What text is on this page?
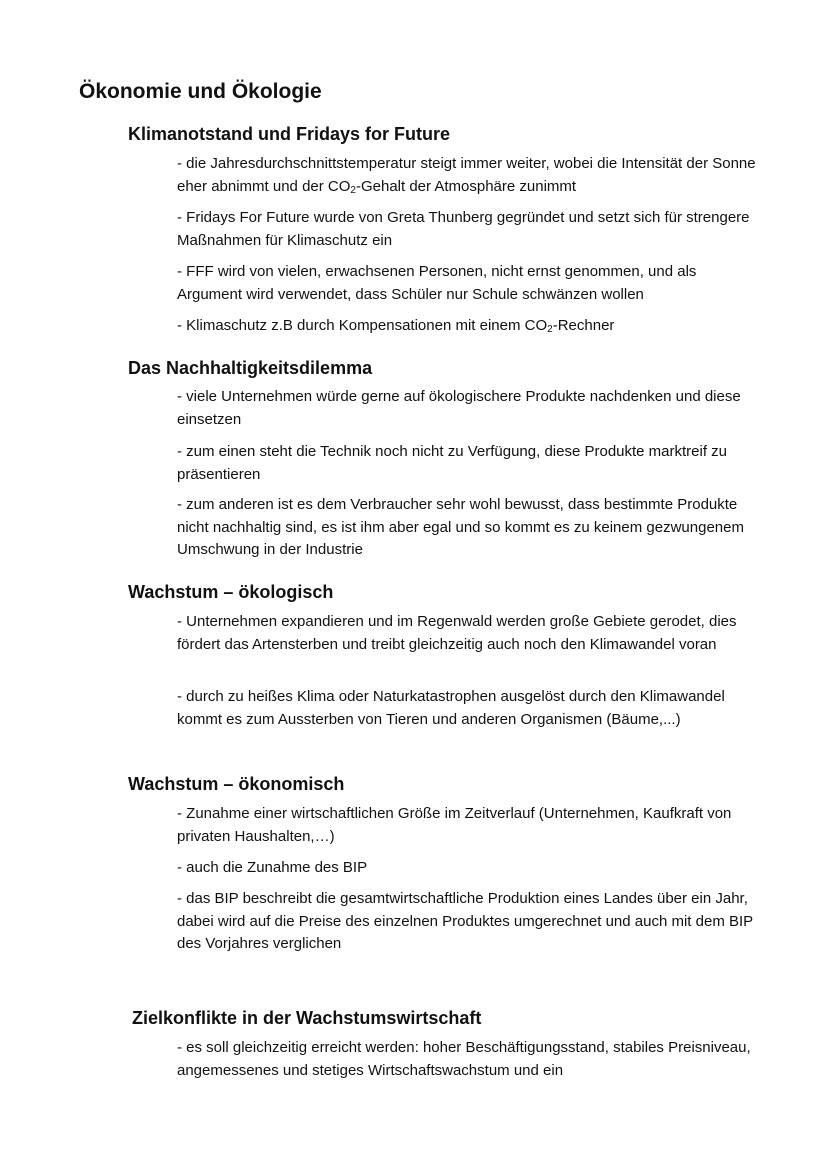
Ökonomie und Ökologie
Klimanotstand und Fridays for Future

- die Jahresdurchschnittstemperatur steigt immer weiter, wobei die Intensität der Sonne eher abnimmt und der $CO_2$-Gehalt der Atmosphäre zunimmt

- Fridays For Future wurde von Greta Thunberg gegründet und setzt sich für strengere Maßnahmen für Klimaschutz ein

- FFF wird von vielen, erwachsenen Personen, nicht ernst genommen, und als Argument wird verwendet, dass Schüler nur Schule schwänzen wollen

- Klimaschutz z.B durch Kompensationen mit einem $CO_2$-Rechner

Das Nachhaltigkeitsdilemma

- viele Unternehmen würde gerne auf ökologischere Produkte nachdenken und diese einsetzen

- zum einen steht die Technik noch nicht zu Verfügung, diese Produkte marktreif zu präsentieren

- zum anderen ist es dem Verbraucher sehr wohl bewusst, dass bestimmte Produkte nicht nachhaltig sind, es ist ihm aber egal und so kommt es zu keinem gezwungenem Umschwung in der Industrie

Wachstum – ökologisch

- Unternehmen expandieren und im Regenwald werden große Gebiete gerodet, dies fördert das Artensterben und treibt gleichzeitig auch noch den Klimawandel voran

- durch zu heißes Klima oder Naturkatastrophen ausgelöst durch den Klimawandel kommt es zum Aussterben von Tieren und anderen Organismen (Bäume,...)

Wachstum – ökonomisch

- Zunahme einer wirtschaftlichen Größe im Zeitverlauf (Unternehmen, Kaufkraft von privaten Haushalten,…)

- auch die Zunahme des BIP

- das BIP beschreibt die gesamtwirtschaftliche Produktion eines Landes über ein Jahr, dabei wird auf die Preise des einzelnen Produktes umgerechnet und auch mit dem BIP des Vorjahres verglichen

Zielkonflikte in der Wachstumswirtschaft

- es soll gleichzeitig erreicht werden: hoher Beschäftigungsstand, stabiles Preisniveau, angemessenes und stetiges Wirtschaftswachstum und ein
